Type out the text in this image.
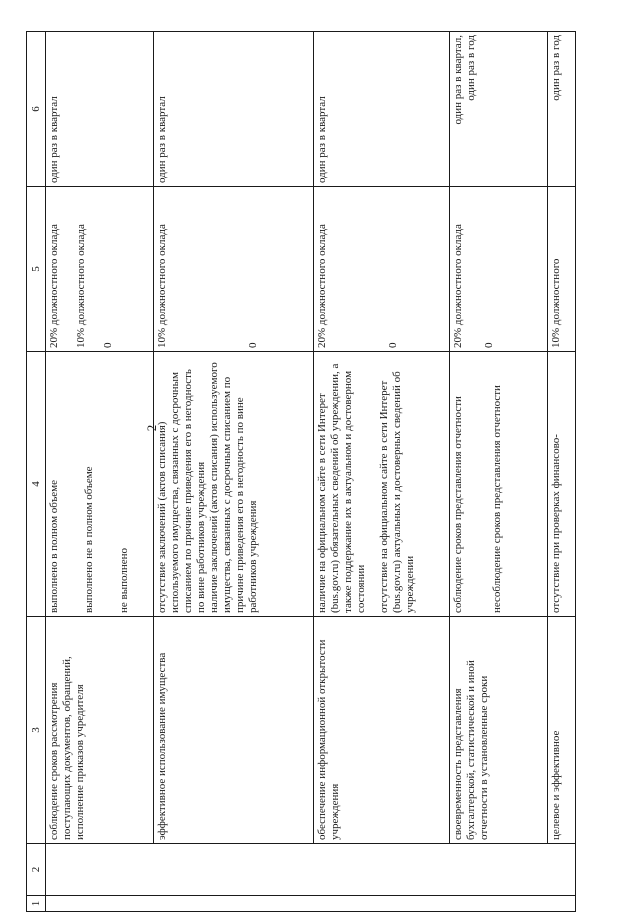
2
1	2	3	4	5	6
		соблюдение сроков рассмотрения поступающих документов, обращений, исполнение приказов учредителя	выполнено в полном объеме выполнено не в полном объеме не выполнено	20% должностного оклада 10% должностного оклада 0	один раз в квартал

		эффективное использование имущества	отсутствие заключений (актов списания) используемого имущества, связанных с досрочным списанием по причине приведения его в негодность по вине работников учреждения наличие заключений (актов списания) используемого имущества, связанных с досрочным списанием по причине приведения его в негодность по вине работников учреждения	10% должностного оклада 0	один раз в квартал

		обеспечение информационной открытости учреждения	наличие на официальном сайте в сети Интерет (bus.gov.ru) обязательных сведений об учреждении, а также поддержание их в актуальном и достоверном состоянии отсутствие на официальном сайте в сети Интерет (bus.gov.ru) актуальных и достоверных сведений об учреждении	20% должностного оклада 0	один раз в квартал

		своевременность представления бухгалтерской, статистической и иной отчетности в установленные сроки	соблюдение сроков представления отчетности несоблюдение сроков представления отчетности	20% должностного оклада 0	один раз в квартал, один раз в год

		целевое и эффективное	отсутствие при проверках финансово-	10% должностного	один раз в год
